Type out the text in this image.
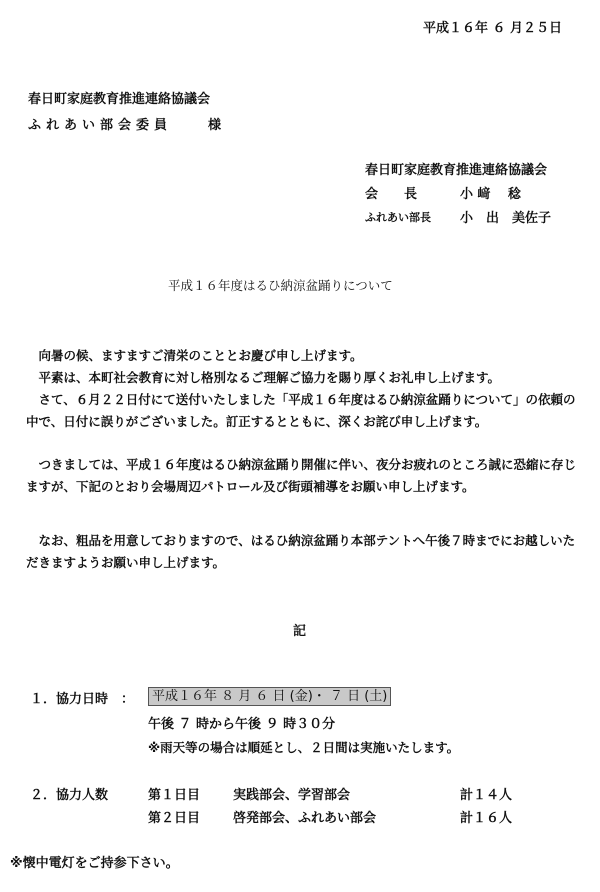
平成１６年 ６ 月２５日
春日町家庭教育推進連絡協議会
ふれあい部会委員	様
春日町家庭教育推進連絡協議会
会　　長	小 﨑 　稔
ふれあい部長 小　出　美佐子
平成１６年度はるひ納涼盆踊りについて
向暑の候、ますますご清栄のこととお慶び申し上げます。
平素は、本町社会教育に対し格別なるご理解ご協力を賜り厚くお礼申し上げます。
さて、６月２２日付にて送付いたしました「平成１６年度はるひ納涼盆踊りについて」の依頼の中で、日付に誤りがございました。訂正するとともに、深くお詫び申し上げます。
つきましては、平成１６年度はるひ納涼盆踊り開催に伴い、夜分お疲れのところ誠に恐縮に存じますが、下記のとおり会場周辺パトロール及び街頭補導をお願い申し上げます。
なお、粗品を用意しておりますので、はるひ納涼盆踊り本部テントへ午後７時までにお越しいただきますようお願い申し上げます。
記
１．協力日時　：	平成１６年 ８ 月 ６ 日 (金)・ ７ 日 (土)
午後 ７ 時から午後 ９ 時３０分
※雨天等の場合は順延とし、２日間は実施いたします。
２．協力人数	第１日目	実践部会、学習部会	計１４人
第２日目	啓発部会、ふれあい部会	計１６人
※懐中電灯をご持参下さい。
